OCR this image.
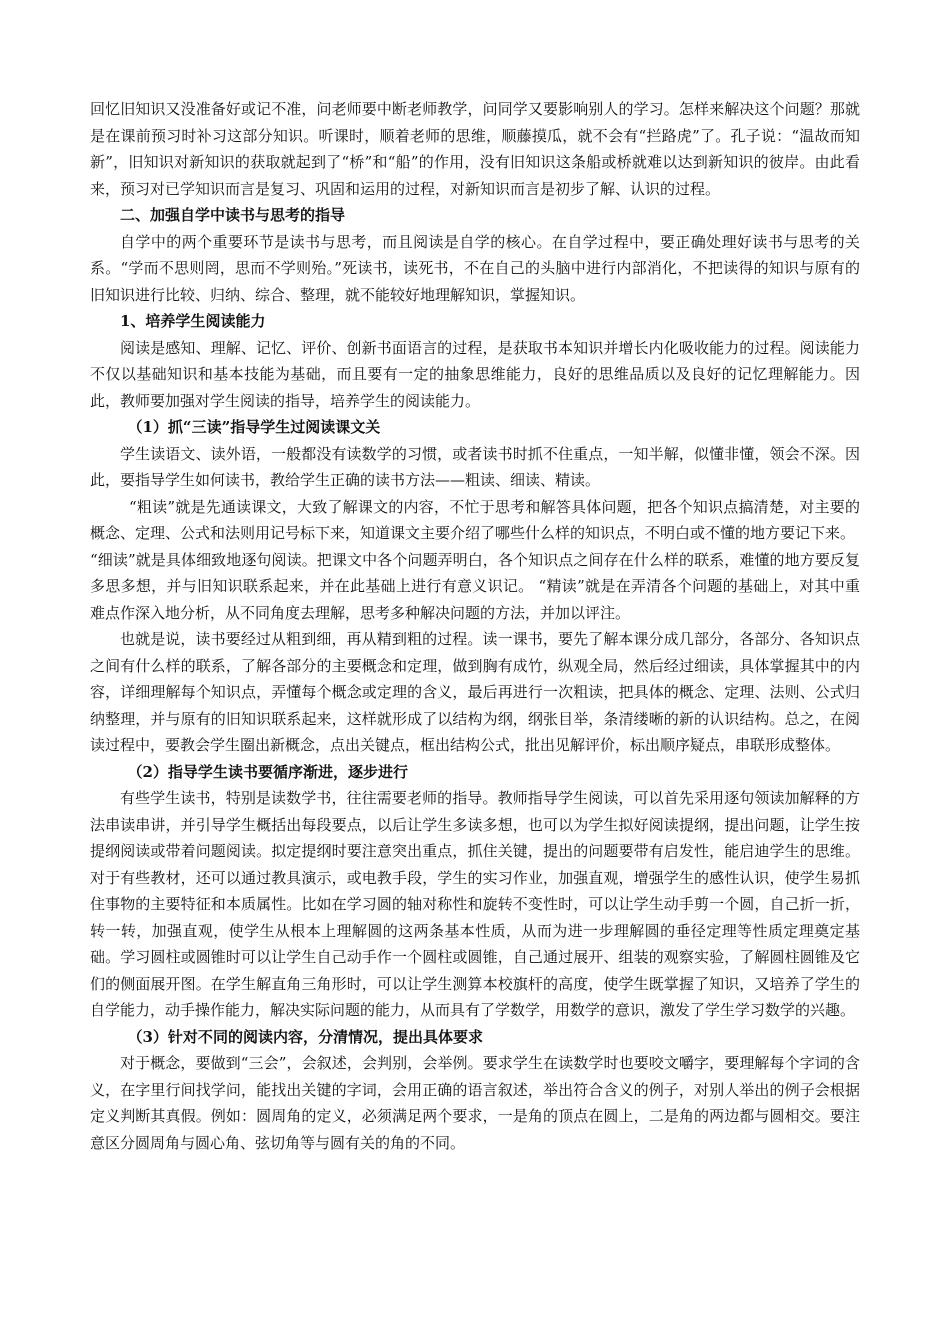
回忆旧知识又没准备好或记不准，问老师要中断老师教学，问同学又要影响别人的学习。怎样来解决这个问题？那就是在课前预习时补习这部分知识。听课时，顺着老师的思维，顺藤摸瓜，就不会有“拦路虎”了。孔子说：“温故而知新”，旧知识对新知识的获取就起到了“桥”和“船”的作用，没有旧知识这条船或桥就难以达到新知识的彼岸。由此看来，预习对已学知识而言是复习、巩固和运用的过程，对新知识而言是初步了解、认识的过程。

二、加强自学中读书与思考的指导

自学中的两个重要环节是读书与思考，而且阅读是自学的核心。在自学过程中，要正确处理好读书与思考的关系。“学而不思则罔，思而不学则殆。”死读书，读死书，不在自己的头脑中进行内部消化，不把读得的知识与原有的旧知识进行比较、归纳、综合、整理，就不能较好地理解知识，掌握知识。

1、培养学生阅读能力

阅读是感知、理解、记忆、评价、创新书面语言的过程，是获取书本知识并增长内化吸收能力的过程。阅读能力不仅以基础知识和基本技能为基础，而且要有一定的抽象思维能力，良好的思维品质以及良好的记忆理解能力。因此，教师要加强对学生阅读的指导，培养学生的阅读能力。

（1）抓“三读”指导学生过阅读课文关

学生读语文、读外语，一般都没有读数学的习惯，或者读书时抓不住重点，一知半解，似懂非懂，领会不深。因此，要指导学生如何读书，教给学生正确的读书方法——粗读、细读、精读。

“粗读”就是先通读课文，大致了解课文的内容，不忙于思考和解答具体问题，把各个知识点搞清楚，对主要的概念、定理、公式和法则用记号标下来，知道课文主要介绍了哪些什么样的知识点，不明白或不懂的地方要记下来。

“细读”就是具体细致地逐句阅读。把课文中各个问题弄明白，各个知识点之间存在什么样的联系，难懂的地方要反复多思多想，并与旧知识联系起来，并在此基础上进行有意义识记。 “精读”就是在弄清各个问题的基础上，对其中重难点作深入地分析，从不同角度去理解，思考多种解决问题的方法，并加以评注。

也就是说，读书要经过从粗到细，再从精到粗的过程。读一课书，要先了解本课分成几部分，各部分、各知识点之间有什么样的联系，了解各部分的主要概念和定理，做到胸有成竹，纵观全局，然后经过细读，具体掌握其中的内容，详细理解每个知识点，弄懂每个概念或定理的含义，最后再进行一次粗读，把具体的概念、定理、法则、公式归纳整理，并与原有的旧知识联系起来，这样就形成了以结构为纲，纲张目举，条清缕晰的新的认识结构。总之，在阅读过程中，要教会学生圈出新概念，点出关键点，框出结构公式，批出见解评价，标出顺序疑点，串联形成整体。

（2）指导学生读书要循序渐进，逐步进行

有些学生读书，特别是读数学书，往往需要老师的指导。教师指导学生阅读，可以首先采用逐句领读加解释的方法串读串讲，并引导学生概括出每段要点，以后让学生多读多想，也可以为学生拟好阅读提纲，提出问题，让学生按提纲阅读或带着问题阅读。拟定提纲时要注意突出重点，抓住关键，提出的问题要带有启发性，能启迪学生的思维。对于有些教材，还可以通过教具演示，或电教手段，学生的实习作业，加强直观，增强学生的感性认识，使学生易抓住事物的主要特征和本质属性。比如在学习圆的轴对称性和旋转不变性时，可以让学生动手剪一个圆，自己折一折，转一转，加强直观，使学生从根本上理解圆的这两条基本性质，从而为进一步理解圆的垂径定理等性质定理奠定基础。学习圆柱或圆锥时可以让学生自己动手作一个圆柱或圆锥，自己通过展开、组装的观察实验，了解圆柱圆锥及它们的侧面展开图。在学生解直角三角形时，可以让学生测算本校旗杆的高度，使学生既掌握了知识，又培养了学生的自学能力，动手操作能力，解决实际问题的能力，从而具有了学数学，用数学的意识，激发了学生学习数学的兴趣。

（3）针对不同的阅读内容，分清情况，提出具体要求

对于概念，要做到“三会”，会叙述，会判别，会举例。要求学生在读数学时也要咬文嚼字，要理解每个字词的含义，在字里行间找学问，能找出关键的字词，会用正确的语言叙述，举出符合含义的例子，对别人举出的例子会根据定义判断其真假。例如：圆周角的定义，必须满足两个要求，一是角的顶点在圆上，二是角的两边都与圆相交。要注意区分圆周角与圆心角、弦切角等与圆有关的角的不同。
